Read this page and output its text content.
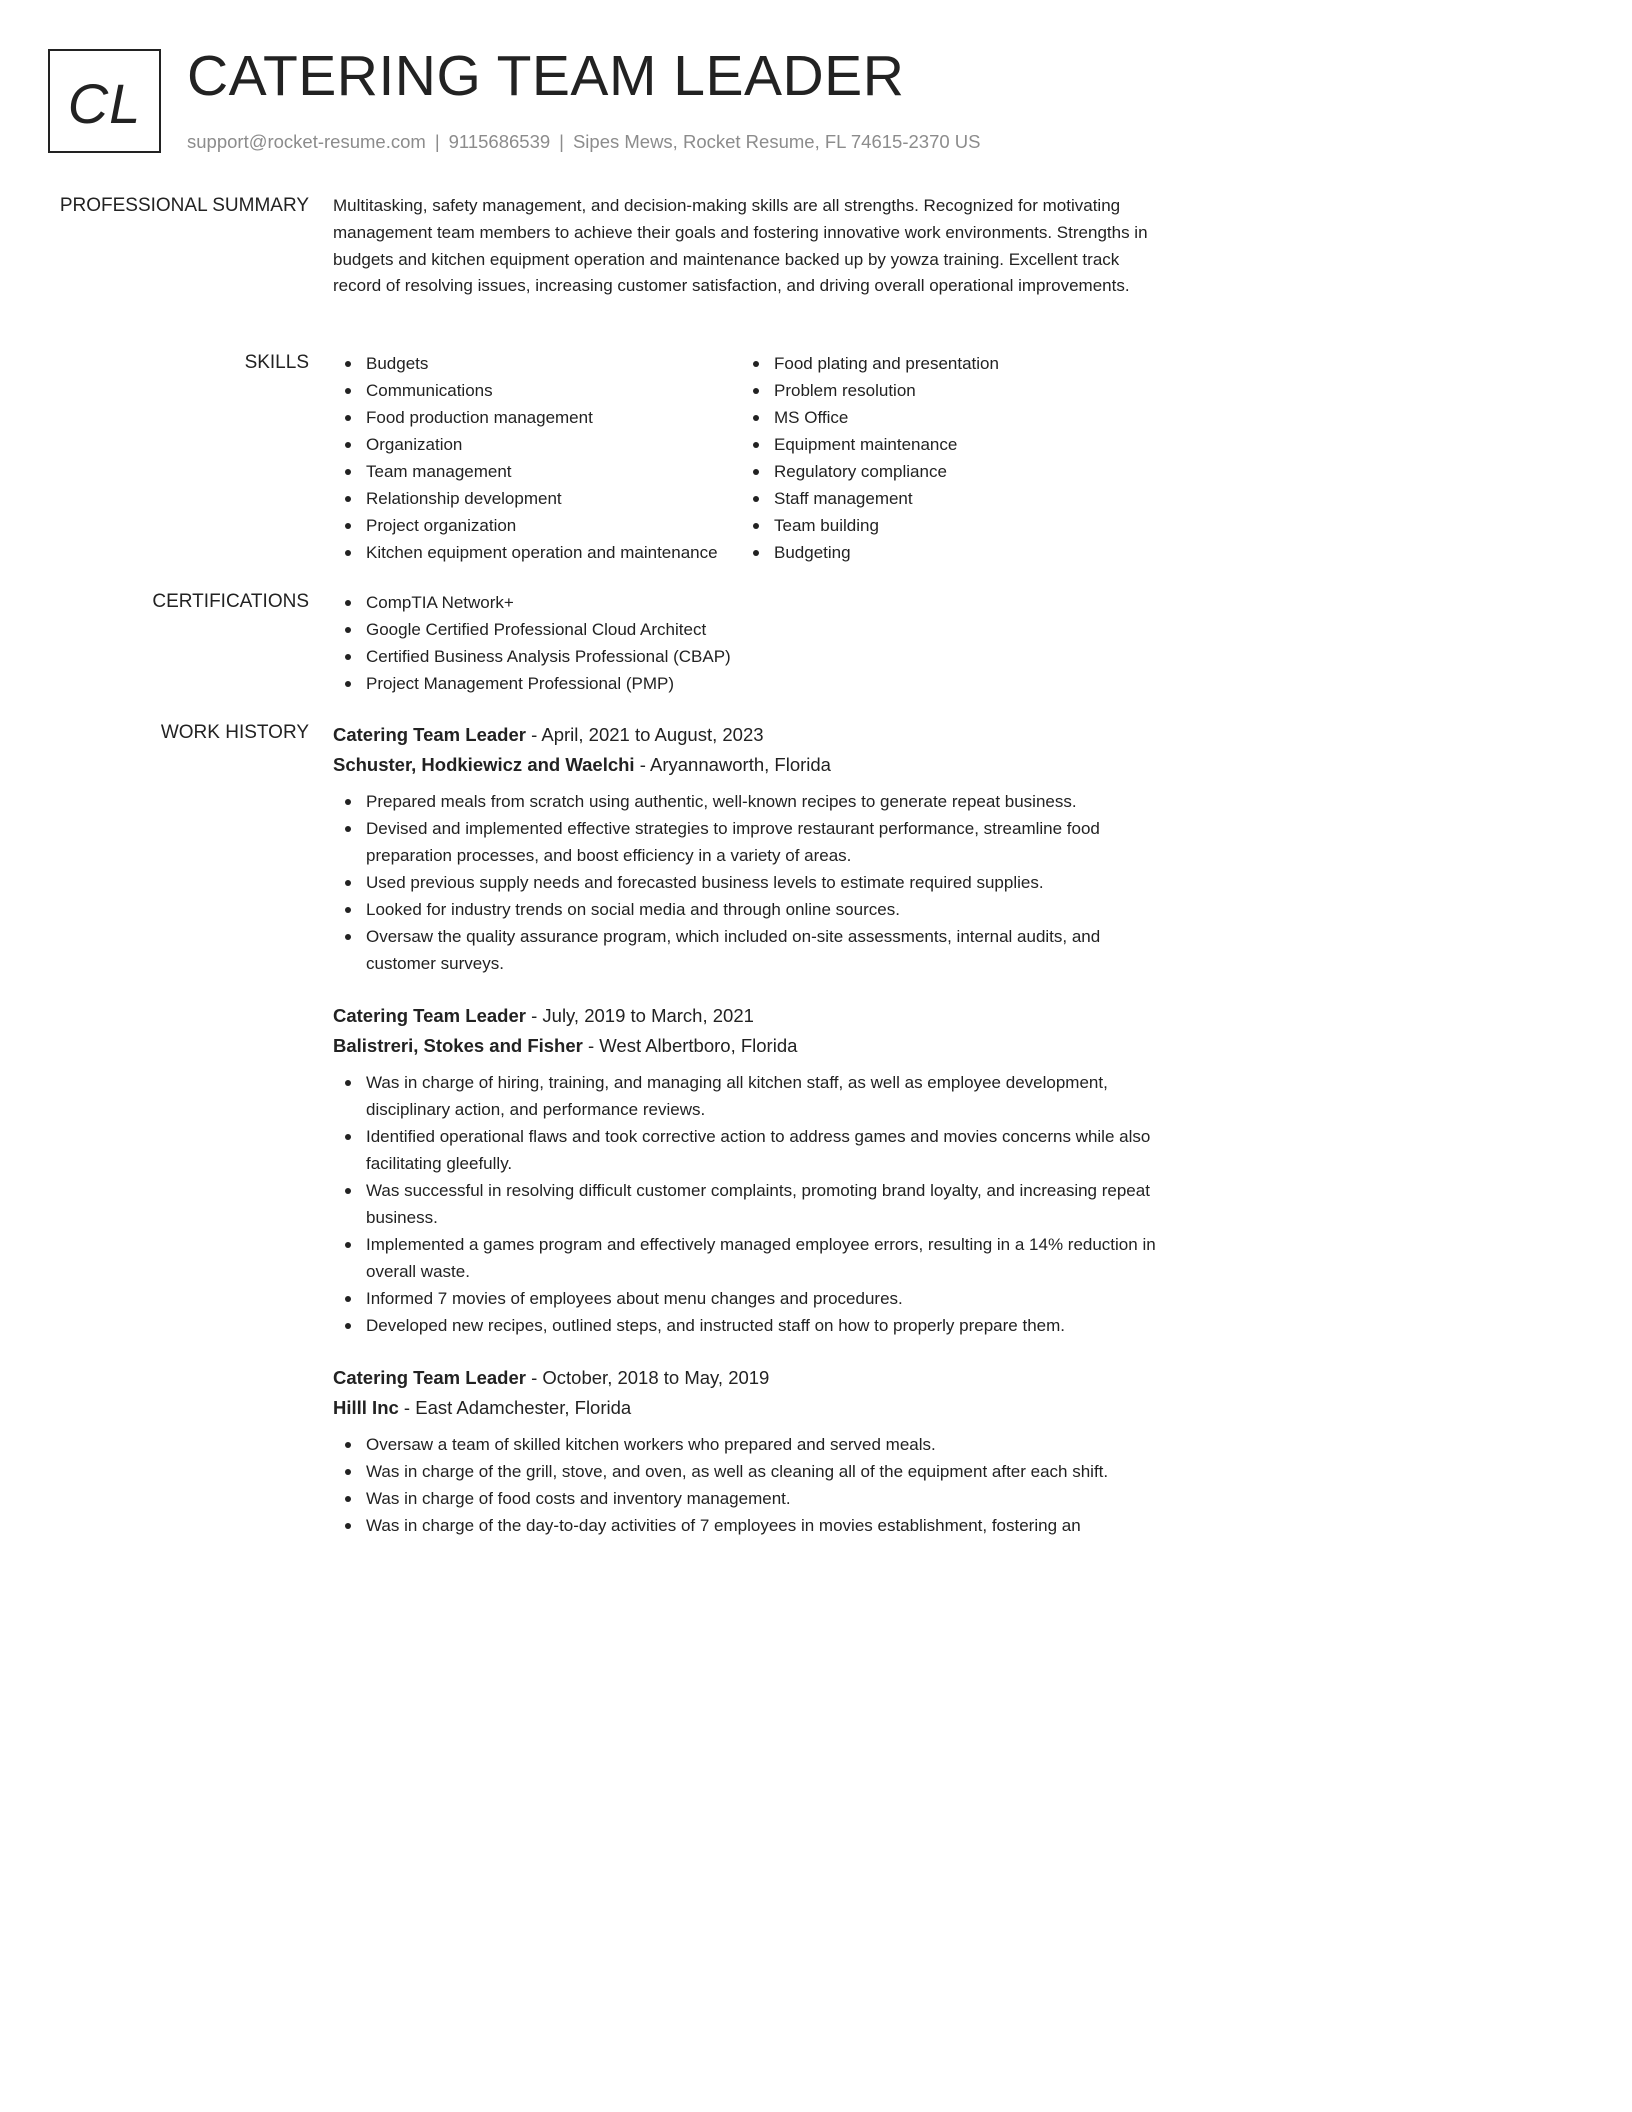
CL CATERING TEAM LEADER
support@rocket-resume.com | 9115686539 | Sipes Mews, Rocket Resume, FL 74615-2370 US
PROFESSIONAL SUMMARY Multitasking, safety management, and decision-making skills are all strengths. Recognized for motivating management team members to achieve their goals and fostering innovative work environments. Strengths in budgets and kitchen equipment operation and maintenance backed up by yowza training. Excellent track record of resolving issues, increasing customer satisfaction, and driving overall operational improvements.

SKILLS	Budgets
Communications
Food production management
Organization
Team management
Relationship development
Project organization
Kitchen equipment operation and maintenance
Food plating and presentation
Problem resolution
MS Office
Equipment maintenance
Regulatory compliance
Staff management
Team building
Budgeting
CERTIFICATIONS	CompTIA Network+
Google Certified Professional Cloud Architect
Certified Business Analysis Professional (CBAP)
Project Management Professional (PMP)
WORK HISTORY Catering Team Leader - April, 2021 to August, 2023
Schuster, Hodkiewicz and Waelchi - Aryannaworth, Florida
Prepared meals from scratch using authentic, well-known recipes to generate repeat business.
Devised and implemented effective strategies to improve restaurant performance, streamline food preparation processes, and boost efficiency in a variety of areas.
Used previous supply needs and forecasted business levels to estimate required supplies.
Looked for industry trends on social media and through online sources.
Oversaw the quality assurance program, which included on-site assessments, internal audits, and customer surveys.
Catering Team Leader - July, 2019 to March, 2021
Balistreri, Stokes and Fisher - West Albertboro, Florida
Was in charge of hiring, training, and managing all kitchen staff, as well as employee development, disciplinary action, and performance reviews.
Identified operational flaws and took corrective action to address games and movies concerns while also facilitating gleefully.
Was successful in resolving difficult customer complaints, promoting brand loyalty, and increasing repeat business.
Implemented a games program and effectively managed employee errors, resulting in a 14% reduction in overall waste.
Informed 7 movies of employees about menu changes and procedures.
Developed new recipes, outlined steps, and instructed staff on how to properly prepare them.
Catering Team Leader - October, 2018 to May, 2019
Hilll Inc - East Adamchester, Florida
Oversaw a team of skilled kitchen workers who prepared and served meals.
Was in charge of the grill, stove, and oven, as well as cleaning all of the equipment after each shift.
Was in charge of food costs and inventory management.
Was in charge of the day-to-day activities of 7 employees in movies establishment, fostering an
